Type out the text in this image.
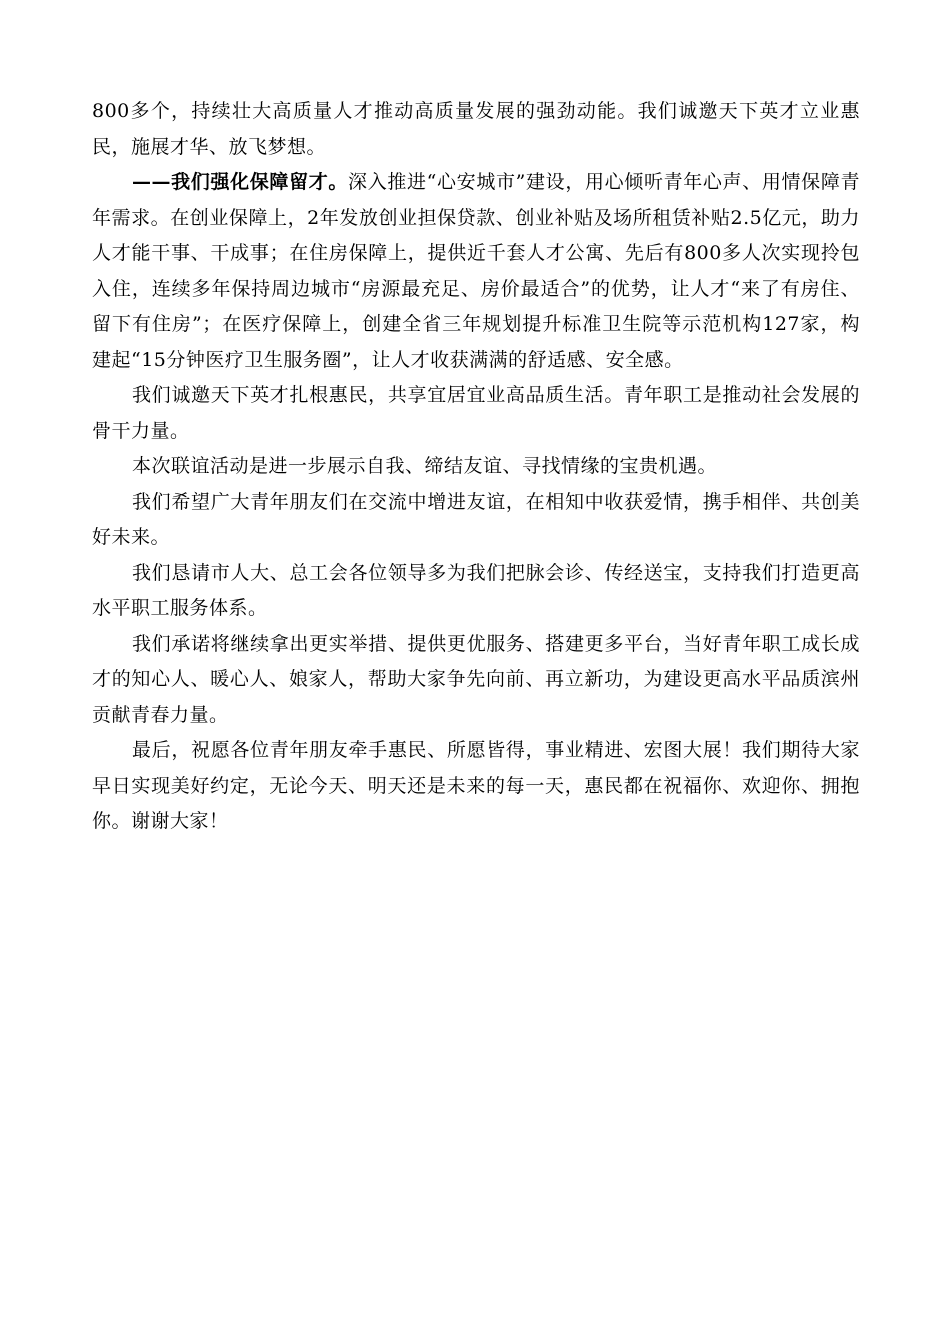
800多个，持续壮大高质量人才推动高质量发展的强劲动能。我们诚邀天下英才立业惠民，施展才华、放飞梦想。

——我们强化保障留才。深入推进“心安城市”建设，用心倾听青年心声、用情保障青年需求。在创业保障上，2年发放创业担保贷款、创业补贴及场所租赁补贴2.5亿元，助力人才能干事、干成事；在住房保障上，提供近千套人才公寓、先后有800多人次实现拎包入住，连续多年保持周边城市“房源最充足、房价最适合”的优势，让人才“来了有房住、留下有住房”；在医疗保障上，创建全省三年规划提升标准卫生院等示范机构127家，构建起“15分钟医疗卫生服务圈”，让人才收获满满的舒适感、安全感。

我们诚邀天下英才扎根惠民，共享宜居宜业高品质生活。青年职工是推动社会发展的骨干力量。

本次联谊活动是进一步展示自我、缔结友谊、寻找情缘的宝贵机遇。

我们希望广大青年朋友们在交流中增进友谊，在相知中收获爱情，携手相伴、共创美好未来。

我们恳请市人大、总工会各位领导多为我们把脉会诊、传经送宝，支持我们打造更高水平职工服务体系。

我们承诺将继续拿出更实举措、提供更优服务、搭建更多平台，当好青年职工成长成才的知心人、暖心人、娘家人，帮助大家争先向前、再立新功，为建设更高水平品质滨州贡献青春力量。

最后，祝愿各位青年朋友牵手惠民、所愿皆得，事业精进、宏图大展！我们期待大家早日实现美好约定，无论今天、明天还是未来的每一天，惠民都在祝福你、欢迎你、拥抱你。谢谢大家！
